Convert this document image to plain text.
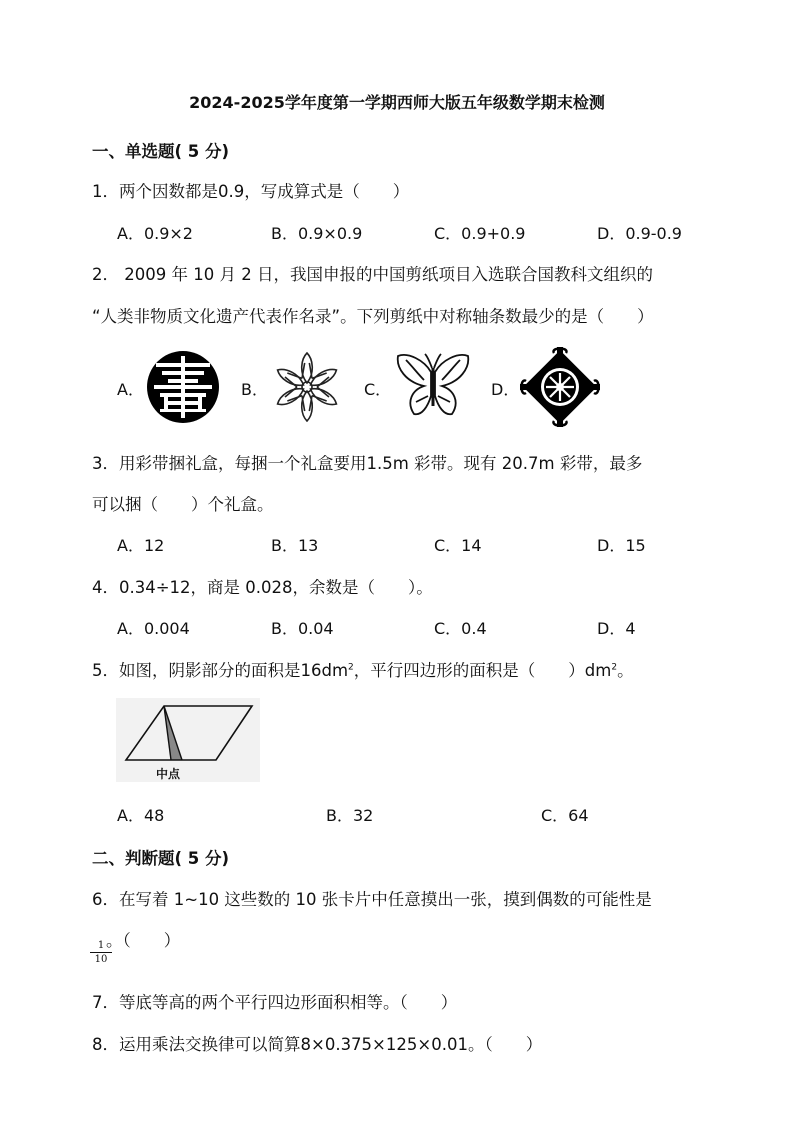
2024-2025学年度第一学期西师大版五年级数学期末检测
一、单选题( 5 分)
1．两个因数都是0.9，写成算式是（　　）
A．0.9×2	B．0.9×0.9	C．0.9+0.9	D．0.9-0.9
2． 2009 年 10 月 2 日，我国申报的中国剪纸项目入选联合国教科文组织的
“人类非物质文化遗产代表作名录”。下列剪纸中对称轴条数最少的是（　　）
A．	B．	C．	D．
3．用彩带捆礼盒，每捆一个礼盒要用1.5m 彩带。现有 20.7m 彩带，最多
可以捆（　　）个礼盒。
A．12	B．13	C．14	D．15
4．0.34÷12，商是 0.028，余数是（　　）。
A．0.004	B．0.04	C．0.4	D．4
5．如图，阴影部分的面积是$16dm^2$，平行四边形的面积是（　　）$dm^2$。
中点
A．48	B．32	C．64
二、判断题( 5 分)
6．在写着 1~10 这些数的 10 张卡片中任意摸出一张，摸到偶数的可能性是
1
10
。（　　）
7．等底等高的两个平行四边形面积相等。（　　）
8．运用乘法交换律可以简算8×0.375×125×0.01。（　　）
